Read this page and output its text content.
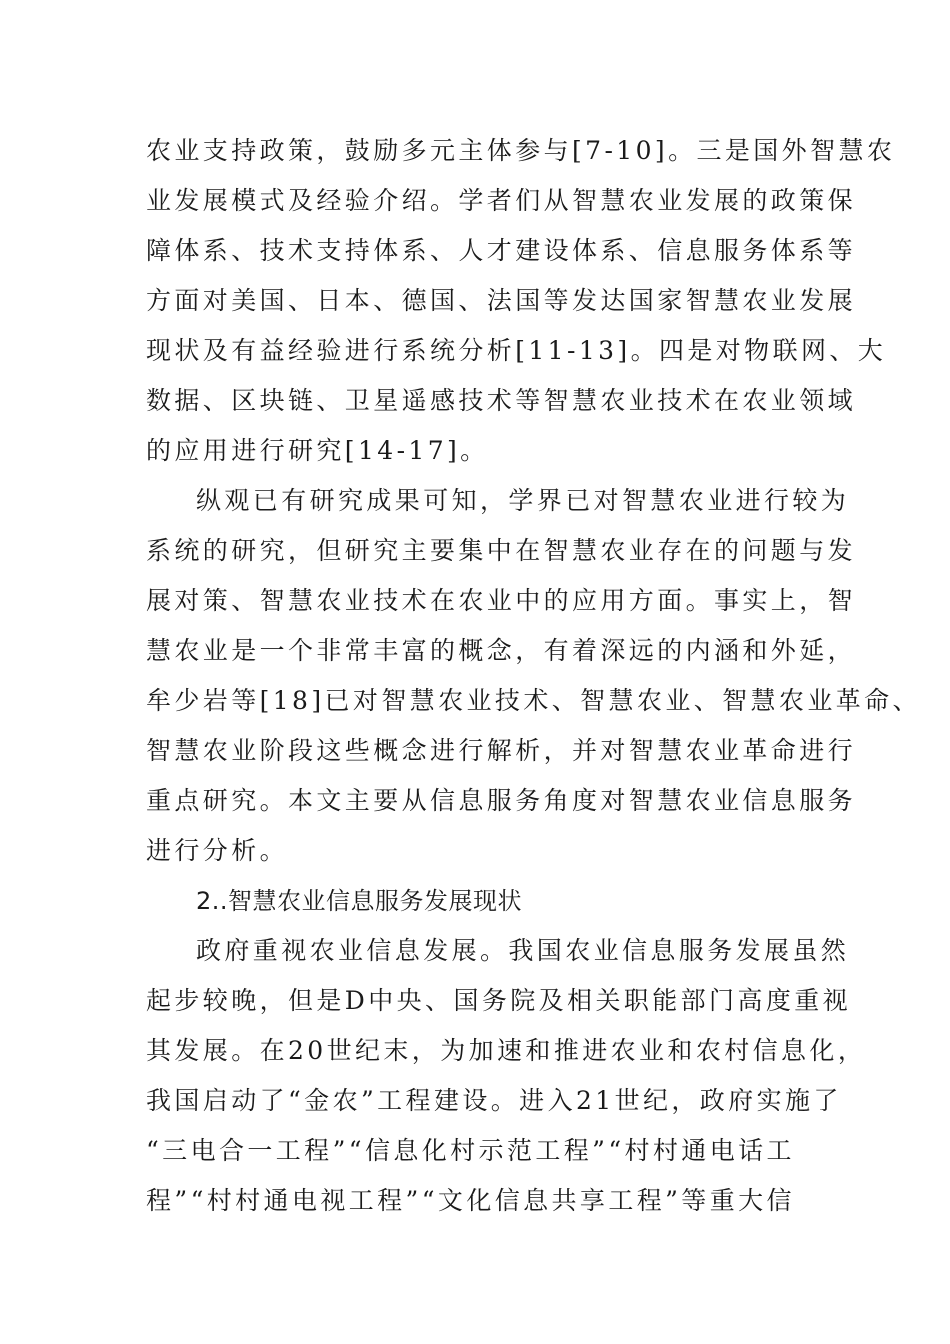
农业支持政策，鼓励多元主体参与[7-10]。三是国外智慧农
业发展模式及经验介绍。学者们从智慧农业发展的政策保
障体系、技术支持体系、人才建设体系、信息服务体系等
方面对美国、日本、德国、法国等发达国家智慧农业发展
现状及有益经验进行系统分析[11-13]。四是对物联网、大
数据、区块链、卫星遥感技术等智慧农业技术在农业领域
的应用进行研究[14-17]。
纵观已有研究成果可知，学界已对智慧农业进行较为
系统的研究，但研究主要集中在智慧农业存在的问题与发
展对策、智慧农业技术在农业中的应用方面。事实上，智
慧农业是一个非常丰富的概念，有着深远的内涵和外延，
牟少岩等[18]已对智慧农业技术、智慧农业、智慧农业革命、
智慧农业阶段这些概念进行解析，并对智慧农业革命进行
重点研究。本文主要从信息服务角度对智慧农业信息服务
进行分析。
2..智慧农业信息服务发展现状
政府重视农业信息发展。我国农业信息服务发展虽然
起步较晚，但是D中央、国务院及相关职能部门高度重视
其发展。在20世纪末，为加速和推进农业和农村信息化，
我国启动了“金农”工程建设。进入21世纪，政府实施了
“三电合一工程”“信息化村示范工程”“村村通电话工
程”“村村通电视工程”“文化信息共享工程”等重大信
